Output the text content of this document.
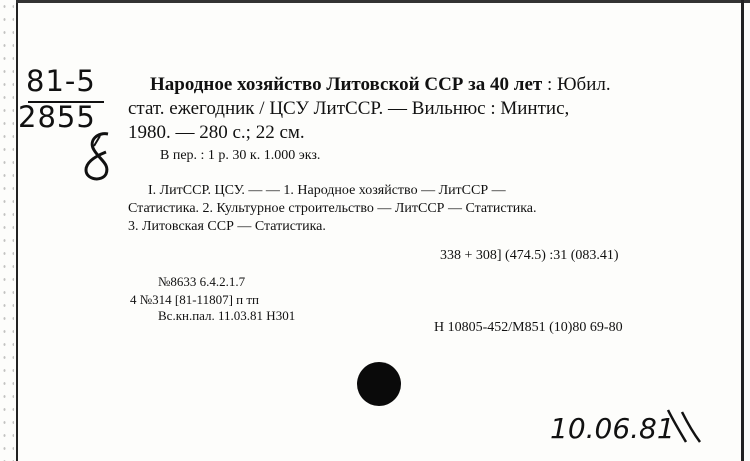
81-5
2855
Народное хозяйство Литовской ССР за 40 лет : Юбил.
стат. ежегодник / ЦСУ ЛитССР. — Вильнюс : Минтис,
1980. — 280 с.; 22 см.
В пер. : 1 р. 30 к. 1.000 экз.
I. ЛитССР. ЦСУ. — — 1. Народное хозяйство — ЛитССР —
Статистика. 2. Культурное строительство — ЛитССР — Статистика.
3. Литовская ССР — Статистика.
338 + 308] (474.5) :31 (083.41)
№8633 6.4.2.1.7
4 №314 [81-11807] п тп
Вс.кн.пал. 11.03.81 Н301
Н 10805-452/М851 (10)80 69-80
10.06.81
